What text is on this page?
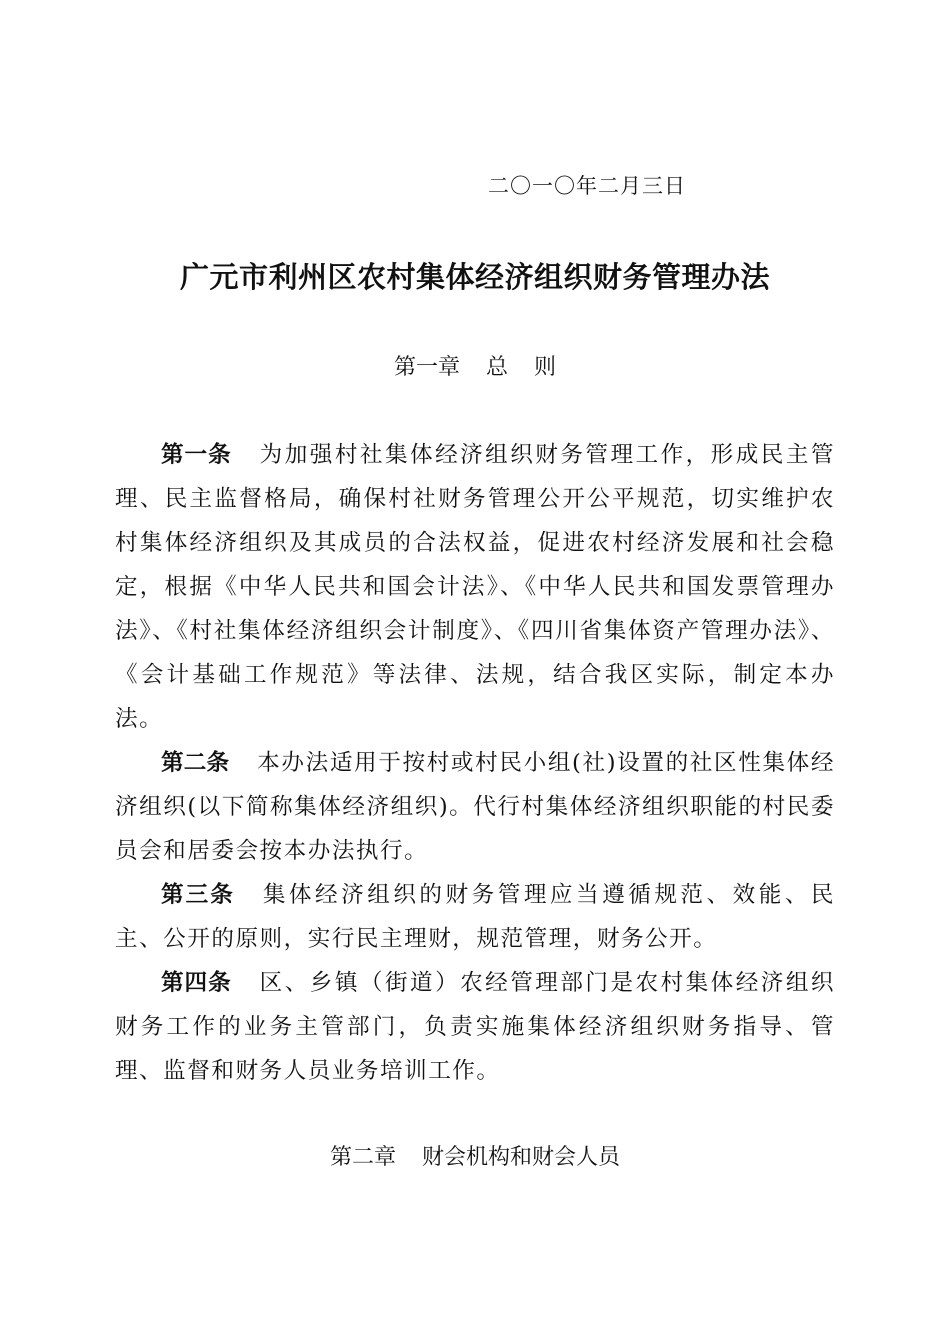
二〇一〇年二月三日
广元市利州区农村集体经济组织财务管理办法
第一章 总 则

第一条 为加强村社集体经济组织财务管理工作，形成民主管理、民主监督格局，确保村社财务管理公开公平规范，切实维护农村集体经济组织及其成员的合法权益，促进农村经济发展和社会稳定，根据《中华人民共和国会计法》、《中华人民共和国发票管理办法》、《村社集体经济组织会计制度》、《四川省集体资产管理办法》、《会计基础工作规范》等法律、法规，结合我区实际，制定本办法。

第二条 本办法适用于按村或村民小组(社)设置的社区性集体经济组织(以下简称集体经济组织)。代行村集体经济组织职能的村民委员会和居委会按本办法执行。

第三条 集体经济组织的财务管理应当遵循规范、效能、民主、公开的原则，实行民主理财，规范管理，财务公开。

第四条 区、乡镇（街道）农经管理部门是农村集体经济组织财务工作的业务主管部门，负责实施集体经济组织财务指导、管理、监督和财务人员业务培训工作。

第二章 财会机构和财会人员
